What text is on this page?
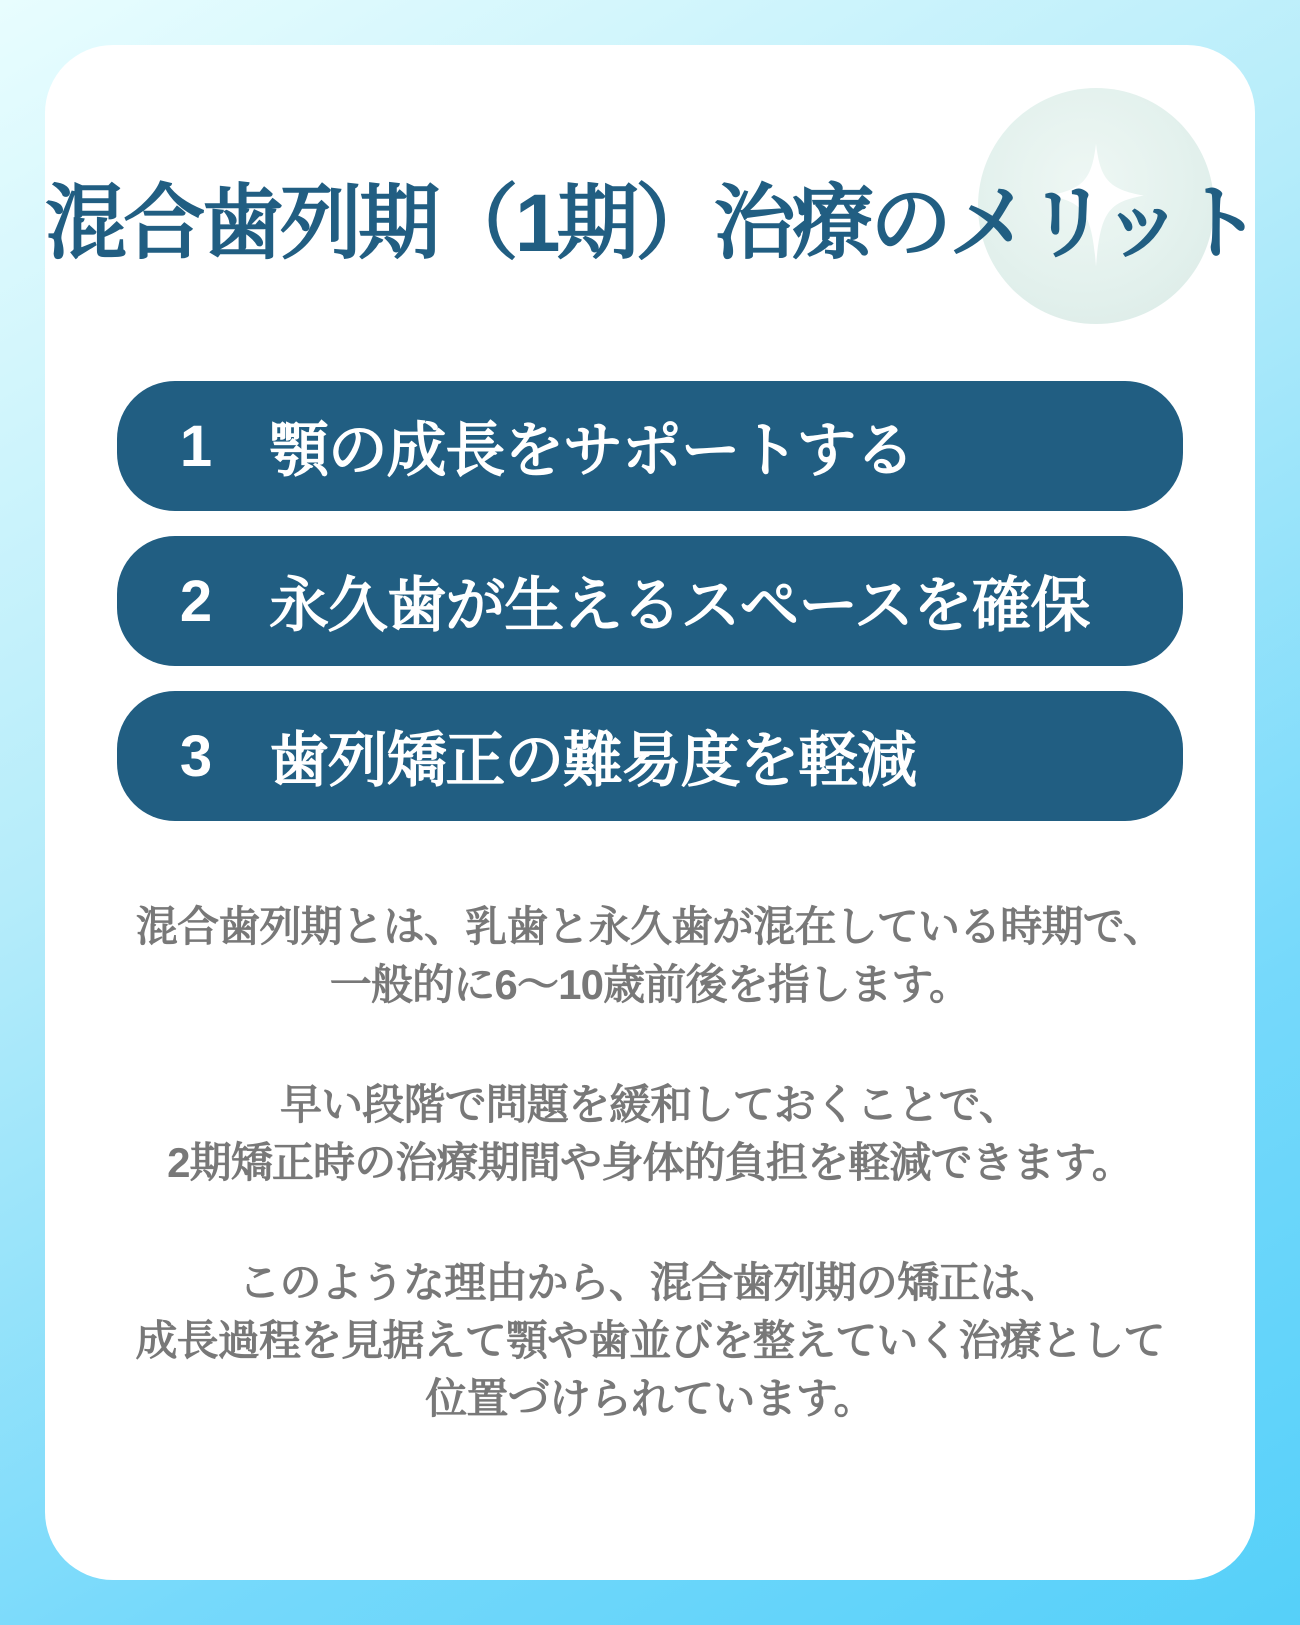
混合歯列期（1期）治療のメリット
1 顎の成長をサポートする
2 永久歯が生えるスペースを確保
3 歯列矯正の難易度を軽減
混合歯列期とは、乳歯と永久歯が混在している時期で、
一般的に6〜10歳前後を指します。
早い段階で問題を緩和しておくことで、
2期矯正時の治療期間や身体的負担を軽減できます。
このような理由から、混合歯列期の矯正は、
成長過程を見据えて顎や歯並びを整えていく治療として
位置づけられています。
